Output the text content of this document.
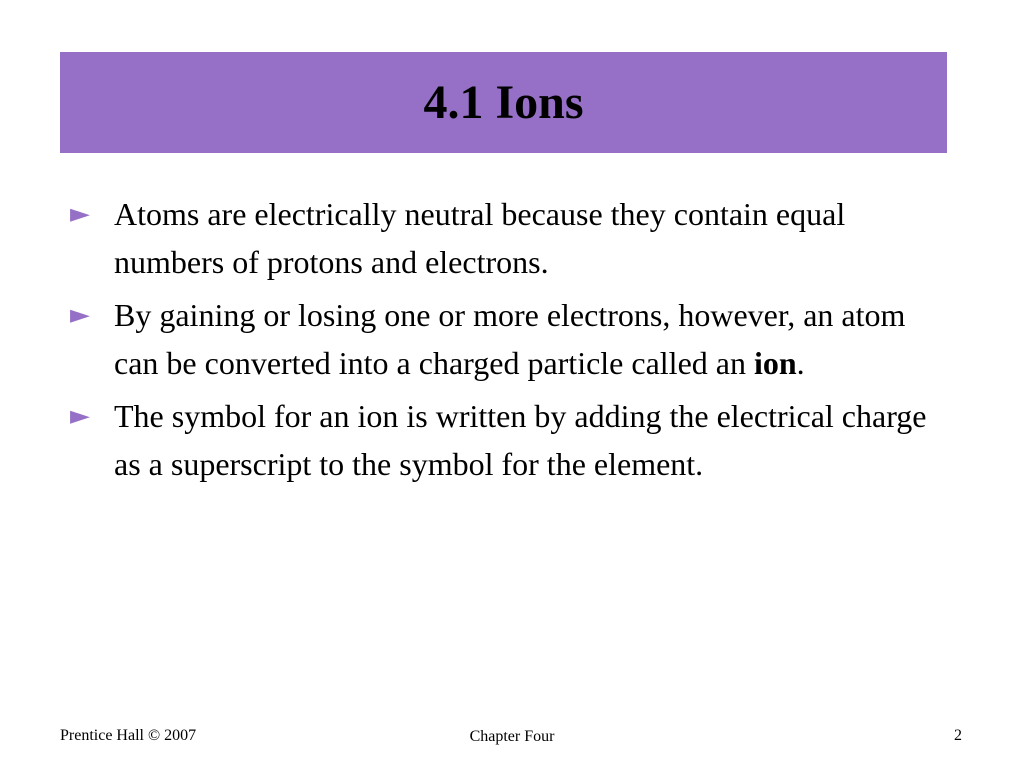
4.1 Ions
► Atoms are electrically neutral because they contain equal numbers of protons and electrons.
► By gaining or losing one or more electrons, however, an atom can be converted into a charged particle called an ion.
► The symbol for an ion is written by adding the electrical charge as a superscript to the symbol for the element.
Prentice Hall © 2007	Chapter Four	2
